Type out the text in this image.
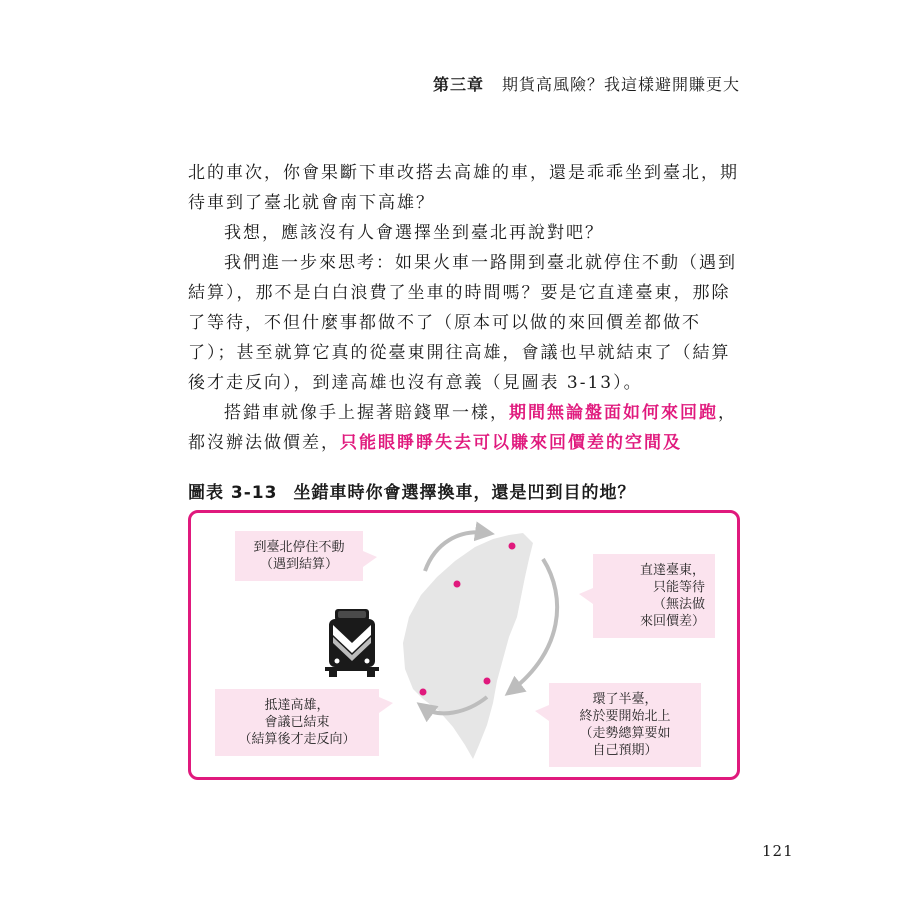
第三章 期貨高風險？我這樣避開賺更大

北的車次，你會果斷下車改搭去高雄的車，還是乖乖坐到臺北，期待車到了臺北就會南下高雄？

我想，應該沒有人會選擇坐到臺北再說對吧？

我們進一步來思考：如果火車一路開到臺北就停住不動（遇到結算），那不是白白浪費了坐車的時間嗎？要是它直達臺東，那除了等待，不但什麼事都做不了（原本可以做的來回價差都做不了）；甚至就算它真的從臺東開往高雄，會議也早就結束了（結算後才走反向），到達高雄也沒有意義（見圖表 3-13）。

搭錯車就像手上握著賠錢單一樣，期間無論盤面如何來回跑，都沒辦法做價差，只能眼睜睜失去可以賺來回價差的空間及

圖表 3-13 坐錯車時你會選擇換車，還是凹到目的地？
到臺北停住不動
（遇到結算）	直達臺東，
只能等待
（無法做
來回價差）
抵達高雄，
會議已結束
（結算後才走反向）
環了半臺，
終於要開始北上
（走勢總算要如
自己預期）
121
